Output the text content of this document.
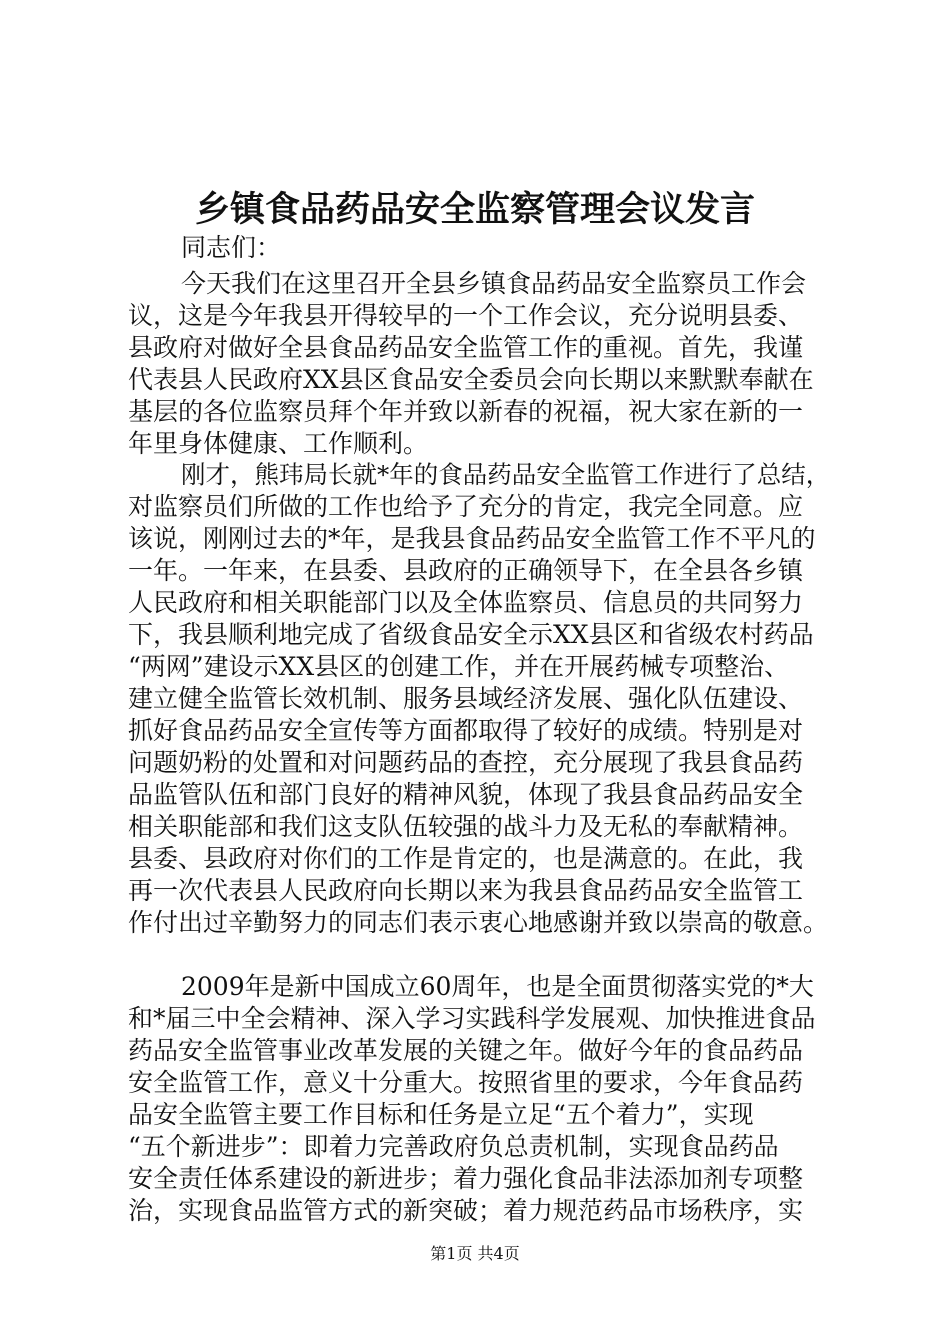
乡镇食品药品安全监察管理会议发言
同志们：
今天我们在这里召开全县乡镇食品药品安全监察员工作会
议，这是今年我县开得较早的一个工作会议，充分说明县委、
县政府对做好全县食品药品安全监管工作的重视。首先，我谨
代表县人民政府XX县区食品安全委员会向长期以来默默奉献在
基层的各位监察员拜个年并致以新春的祝福，祝大家在新的一
年里身体健康、工作顺利。
刚才，熊玮局长就*年的食品药品安全监管工作进行了总结，
对监察员们所做的工作也给予了充分的肯定，我完全同意。应
该说，刚刚过去的*年，是我县食品药品安全监管工作不平凡的
一年。一年来，在县委、县政府的正确领导下，在全县各乡镇
人民政府和相关职能部门以及全体监察员、信息员的共同努力
下，我县顺利地完成了省级食品安全示XX县区和省级农村药品
“两网”建设示XX县区的创建工作，并在开展药械专项整治、
建立健全监管长效机制、服务县域经济发展、强化队伍建设、
抓好食品药品安全宣传等方面都取得了较好的成绩。特别是对
问题奶粉的处置和对问题药品的查控，充分展现了我县食品药
品监管队伍和部门良好的精神风貌，体现了我县食品药品安全
相关职能部和我们这支队伍较强的战斗力及无私的奉献精神。
县委、县政府对你们的工作是肯定的，也是满意的。在此，我
再一次代表县人民政府向长期以来为我县食品药品安全监管工
作付出过辛勤努力的同志们表示衷心地感谢并致以崇高的敬意。
2009年是新中国成立60周年，也是全面贯彻落实党的*大
和*届三中全会精神、深入学习实践科学发展观、加快推进食品
药品安全监管事业改革发展的关键之年。做好今年的食品药品
安全监管工作，意义十分重大。按照省里的要求，今年食品药
品安全监管主要工作目标和任务是立足“五个着力”，实现
“五个新进步”：即着力完善政府负总责机制，实现食品药品
安全责任体系建设的新进步；着力强化食品非法添加剂专项整
治，实现食品监管方式的新突破；着力规范药品市场秩序，实
第1页 共4页
